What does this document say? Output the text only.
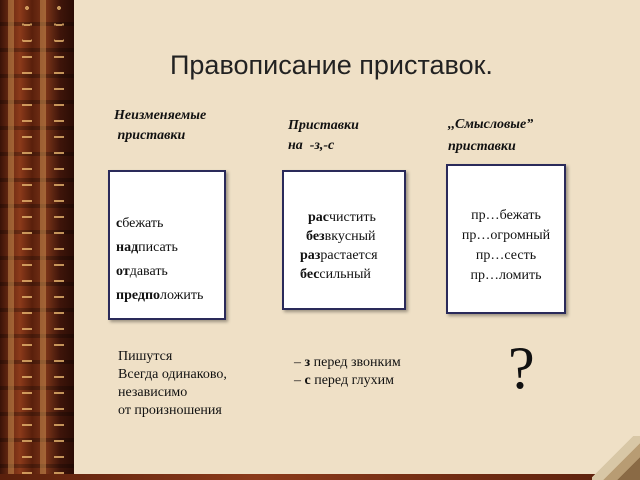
Правописание приставок.
Неизменяемые
приставки
Приставки
на  -з,-с
,,Смысловые”
приставки
сбежать
надписать
отдавать
предположить
расчистить
безвкусный
разрастается
бессильный
пр…бежать
пр…огромный
пр…сесть
пр…ломить
Пишутся
Всегда одинаково,
независимо
от произношения
– з перед звонким
– с перед глухим ?
